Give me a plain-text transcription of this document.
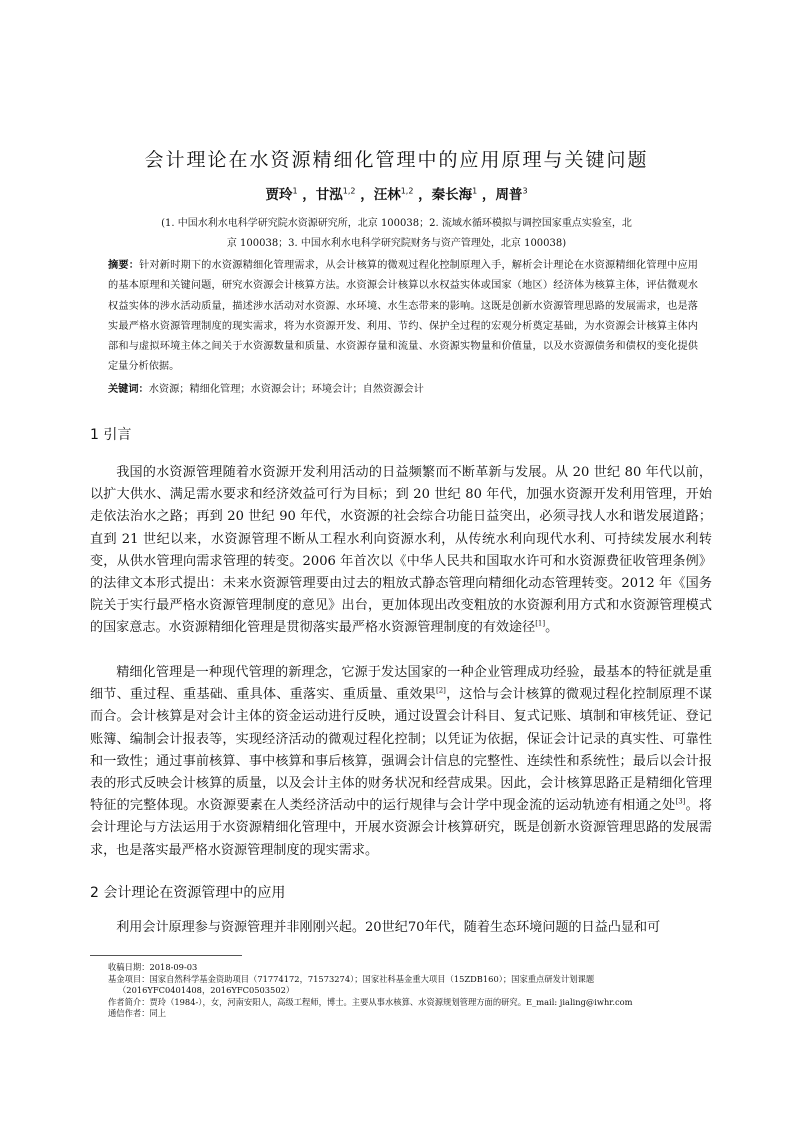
会计理论在水资源精细化管理中的应用原理与关键问题
贾玲$^1$ ，甘泓$^{1,2}$ ，汪林$^{1,2}$ ，秦长海$^1$ ，周普$^3$
(1. 中国水利水电科学研究院水资源研究所，北京 100038；2. 流域水循环模拟与调控国家重点实验室，北
京 100038；3. 中国水利水电科学研究院财务与资产管理处，北京 100038)
摘要：针对新时期下的水资源精细化管理需求，从会计核算的微观过程化控制原理入手，解析会计理论在水资源精细化管理中应用的基本原理和关键问题，研究水资源会计核算方法。水资源会计核算以水权益实体或国家（地区）经济体为核算主体，评估微观水权益实体的涉水活动质量，描述涉水活动对水资源、水环境、水生态带来的影响。这既是创新水资源管理思路的发展需求，也是落实最严格水资源管理制度的现实需求，将为水资源开发、利用、节约、保护全过程的宏观分析奠定基础，为水资源会计核算主体内部和与虚拟环境主体之间关于水资源数量和质量、水资源存量和流量、水资源实物量和价值量，以及水资源债务和债权的变化提供定量分析依据。
关键词：水资源；精细化管理；水资源会计；环境会计；自然资源会计
1 引言
我国的水资源管理随着水资源开发利用活动的日益频繁而不断革新与发展。从 20 世纪 80 年代以前，以扩大供水、满足需水要求和经济效益可行为目标；到 20 世纪 80 年代，加强水资源开发利用管理，开始走依法治水之路；再到 20 世纪 90 年代，水资源的社会综合功能日益突出，必须寻找人水和谐发展道路；直到 21 世纪以来，水资源管理不断从工程水利向资源水利，从传统水利向现代水利、可持续发展水利转变，从供水管理向需求管理的转变。2006 年首次以《中华人民共和国取水许可和水资源费征收管理条例》的法律文本形式提出：未来水资源管理要由过去的粗放式静态管理向精细化动态管理转变。2012 年《国务院关于实行最严格水资源管理制度的意见》出台，更加体现出改变粗放的水资源利用方式和水资源管理模式的国家意志。水资源精细化管理是贯彻落实最严格水资源管理制度的有效途径[1]。
精细化管理是一种现代管理的新理念，它源于发达国家的一种企业管理成功经验，最基本的特征就是重细节、重过程、重基础、重具体、重落实、重质量、重效果[2]，这恰与会计核算的微观过程化控制原理不谋而合。会计核算是对会计主体的资金运动进行反映，通过设置会计科目、复式记账、填制和审核凭证、登记账簿、编制会计报表等，实现经济活动的微观过程化控制；以凭证为依据，保证会计记录的真实性、可靠性和一致性；通过事前核算、事中核算和事后核算，强调会计信息的完整性、连续性和系统性；最后以会计报表的形式反映会计核算的质量，以及会计主体的财务状况和经营成果。因此，会计核算思路正是精细化管理特征的完整体现。水资源要素在人类经济活动中的运行规律与会计学中现金流的运动轨迹有相通之处[3]。将会计理论与方法运用于水资源精细化管理中，开展水资源会计核算研究，既是创新水资源管理思路的发展需求，也是落实最严格水资源管理制度的现实需求。
2 会计理论在资源管理中的应用
利用会计原理参与资源管理并非刚刚兴起。20世纪70年代，随着生态环境问题的日益凸显和可
收稿日期：2018-09-03
基金项目：国家自然科学基金资助项目（71774172，71573274）；国家社科基金重大项目（15ZDB160）；国家重点研发计划课题
（2016YFC0401408，2016YFC0503502）
作者简介：贾玲（1984-），女，河南安阳人，高级工程师，博士。主要从事水核算、水资源规划管理方面的研究。E_mail: jialing@iwhr.com
通信作者：同上
